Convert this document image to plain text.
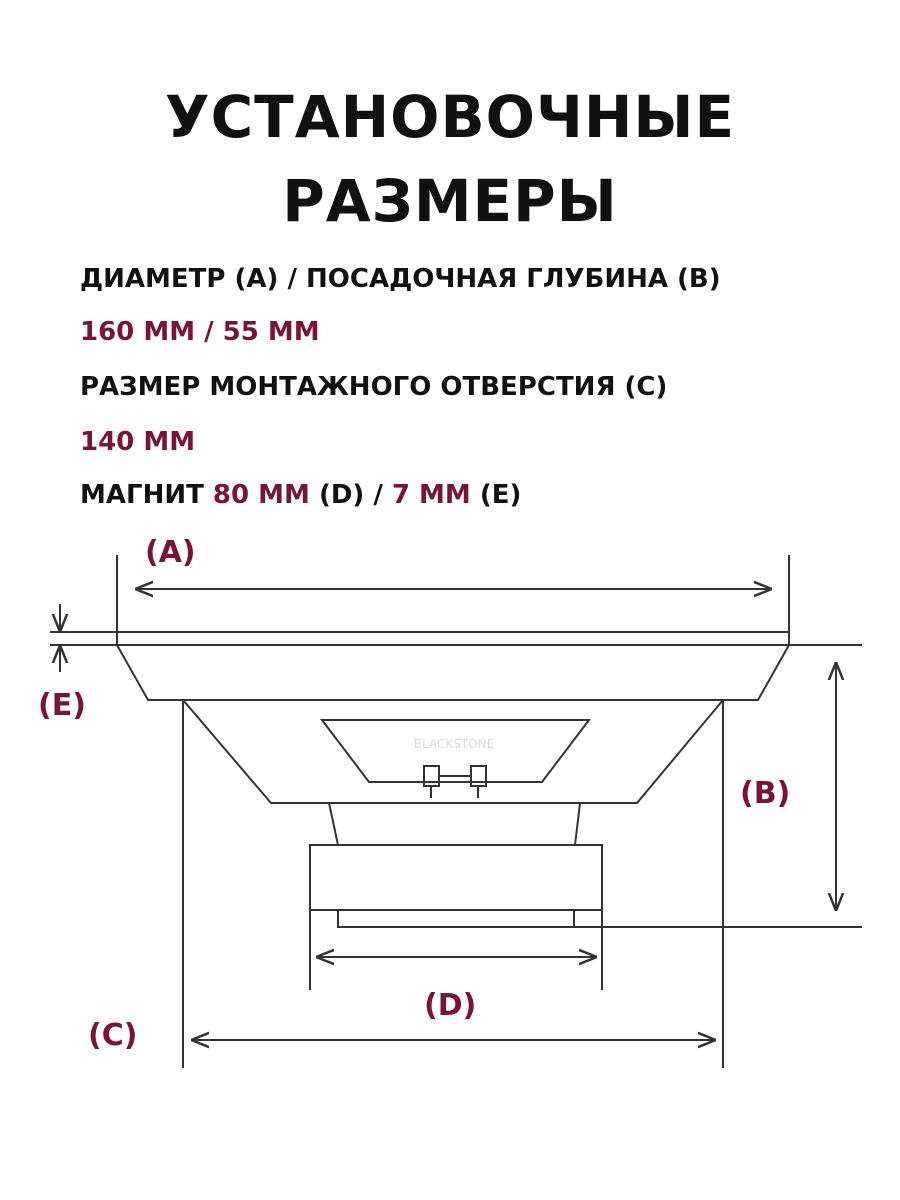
УСТАНОВОЧНЫЕ
РАЗМЕРЫ
ДИАМЕТР (A) / ПОСАДОЧНАЯ ГЛУБИНА (B)
160 ММ / 55 ММ
РАЗМЕР МОНТАЖНОГО ОТВЕРСТИЯ (C)
140 ММ
МАГНИТ 80 ММ (D) / 7 ММ (E)
BLACKSTONE
(A)
(E)
(B)
(D)
(C)
